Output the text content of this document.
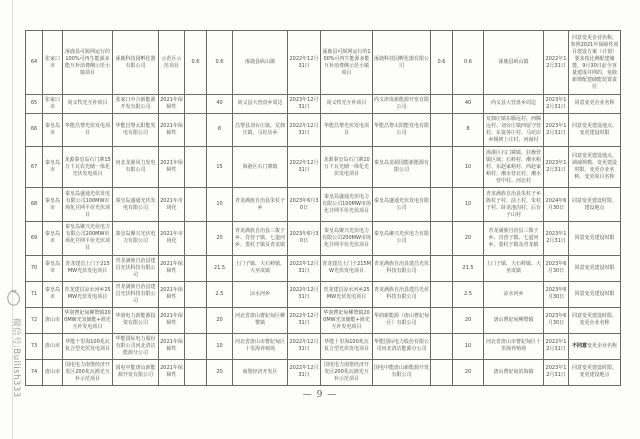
64	张家口市	涿鹿县可脱网运行的100%可再生能源多能互补消费侧示范小镇项目	涿鹿科技园孵化器有限公司	示范区示范项目	0.6	0.6	涿鹿县矾山镇	2022年12月31日	涿鹿县可脱网运行的100%可再生能源多能互补消费侧示范小镇项目	涿鹿科技园孵化器有限公司	0.6	0.6	涿鹿县矾山镇	2022年12月31日	同意变更企业名称，参照2021年保障性项目建设方案（计划）要求按比例配建储能，9月30日前全容量建成并网的，免除新增配建储能装置责任
65	张家口市	尚义牧光互补项目	张家口中合新能源开发有限公司	2021年保障性		40	尚义县大营盘乡周边	2023年12月31日	尚义牧光互补项目	尚义津岚新能源开发有限公司		40	尚义县大营盘乡周边	2023年12月31日	同意变更企业名称
66	秦皇岛市	华能昌黎光伏发电项目	华能昌黎太阳能发电有限公司	2021年保障性		8	昌黎县刘台庄镇、荒佃庄镇、马坨店乡	2022年12月31日	华能昌黎光伏发电项目	华能昌黎太阳能发电有限公司		8	荒佃庄镇东腾远村、西腾远村、刘台庄镇西留守营村、东宴各庄村、马坨店乡杨树上庄村、河南村	2023年12月31日	同意变更建设地点、变更建设时限
67	秦皇岛市	龙源秦皇岛石门寨15万千瓦农光储一体化光伏发电项目	河北龙源风力发电有限公司	2021年保障性		15	海港区石门寨镇	2022年12月31日	龙源秦皇岛石门寨10万千瓦光储一体化光伏发电项目	秦皇岛龙源国能新能源有限公司		10	海港区石门寨镇、驻操营镇区域；石岭村、潮水峪村、东赵家峪村、西赵家峪村、潮水营北村、潮水营中村、河北村	2023年12月31日	同意变更建设地点、调减规模、变更建设时限、变更企业名称、变更项目名称
68	秦皇岛市	秦皇岛盛通光伏发电有限公司100MW市场化并网平价光伏项目	秦皇岛盛通光伏发电有限公司	2021年市场化		10	青龙满族自治县朱杖子乡	2023年6月30日	秦皇岛盛通光伏电力有限公司100MW市场化并网平价光伏项目	秦皇岛盛通光伏发电有限公司		10	青龙满族自治县朱杖子乡陈杖子村、前上村、朱杖子村、卧龙池沟村、后台子山村	2024年6月30日	同意变更建设时限、建设地点
69	秦皇岛市	秦皇岛聚兴光伏电力有限公司200MW市场化并网平价光伏项目	秦皇岛聚兴光伏电力有限公司	2021年市场化		20	青龙满族自治县三拨子乡、肖营子镇、七道河乡、娄杖子镇及青龙镇	2023年6月30日	秦皇岛聚兴光伏电力有限公司200MW市场化并网平价光伏项目	秦皇岛聚兴光伏电力有限公司		20	青龙满族自治县三拨子乡、肖营子镇、七道河乡、娄杖子镇及青龙镇	2023年12月31日	同意变更建设时限
70	秦皇岛市	青龙建昌土门子215MW光伏发电项目	青龙满族自治县建昌光伏科技有限公司	2021年保障性		21.5	土门子镇、大石岭镇、大巫岚镇	2022年12月31日	青龙建昌土门子215MW光伏发电项目	青龙满族自治县建昌光伏科技有限公司		21.5	土门子镇、大石岭镇、大巫岚镇	2023年6月30日	同意变更建设时限
71	秦皇岛市	青龙建昌凉水河乡25MW光伏发电项目	青龙满族自治县建昌光伏科技有限公司	2021年保障性		2.5	凉水河乡	2022年12月31日	青龙建昌凉水河乡25MW光伏发电项目	青龙满族自治县建昌光伏科技有限公司		2.5	凉水河乡	2023年6月30日	同意变更建设时限
72	唐山市	华润曹妃甸柳赞镇200MW光氢储能+渔光互补发电项目	华润电力新能源投资有限公司	2021年保障性		20	河北省唐山曹妃甸区柳赞镇	2022年12月31日	华润曹妃甸柳赞镇200MW光氢储能+渔光互补发电项目	华润新能源（唐山曹妃甸区）有限公司		20	唐山曹妃甸柳赞镇	2023年6月30日	同意变更建设时限、变更企业名称
73	唐山市	华能十里海100兆瓦复合型光伏发电项目	华能国际电力股份有限公司河北清洁能源分公司	2021年保障性		10	河北省唐山市曹妃甸区十里海养殖场	2022年12月31日	华能十里海100兆瓦复合型光伏发电项目	华能国际电力股份有限公司河北清洁能源分公司		10	河北省唐山市曹妃甸区十里海养殖场	2022年12月31日	不同意变更企业名称
74	唐山市	国电电力南堡经济开发区200兆瓦渔光互补示范项目	国电中能唐山新能源开发有限公司	2021年保障性		20	南堡经济开发区	2022年12月31日	国电电力南堡经济开发区200兆瓦渔光互补示范项目	国电中能唐山新能源开发有限公司		20	唐山曹妃甸滨海镇	2023年12月31日	同意变更建设时限、变更建设地点
微信号:Bullish333	— 9 —
